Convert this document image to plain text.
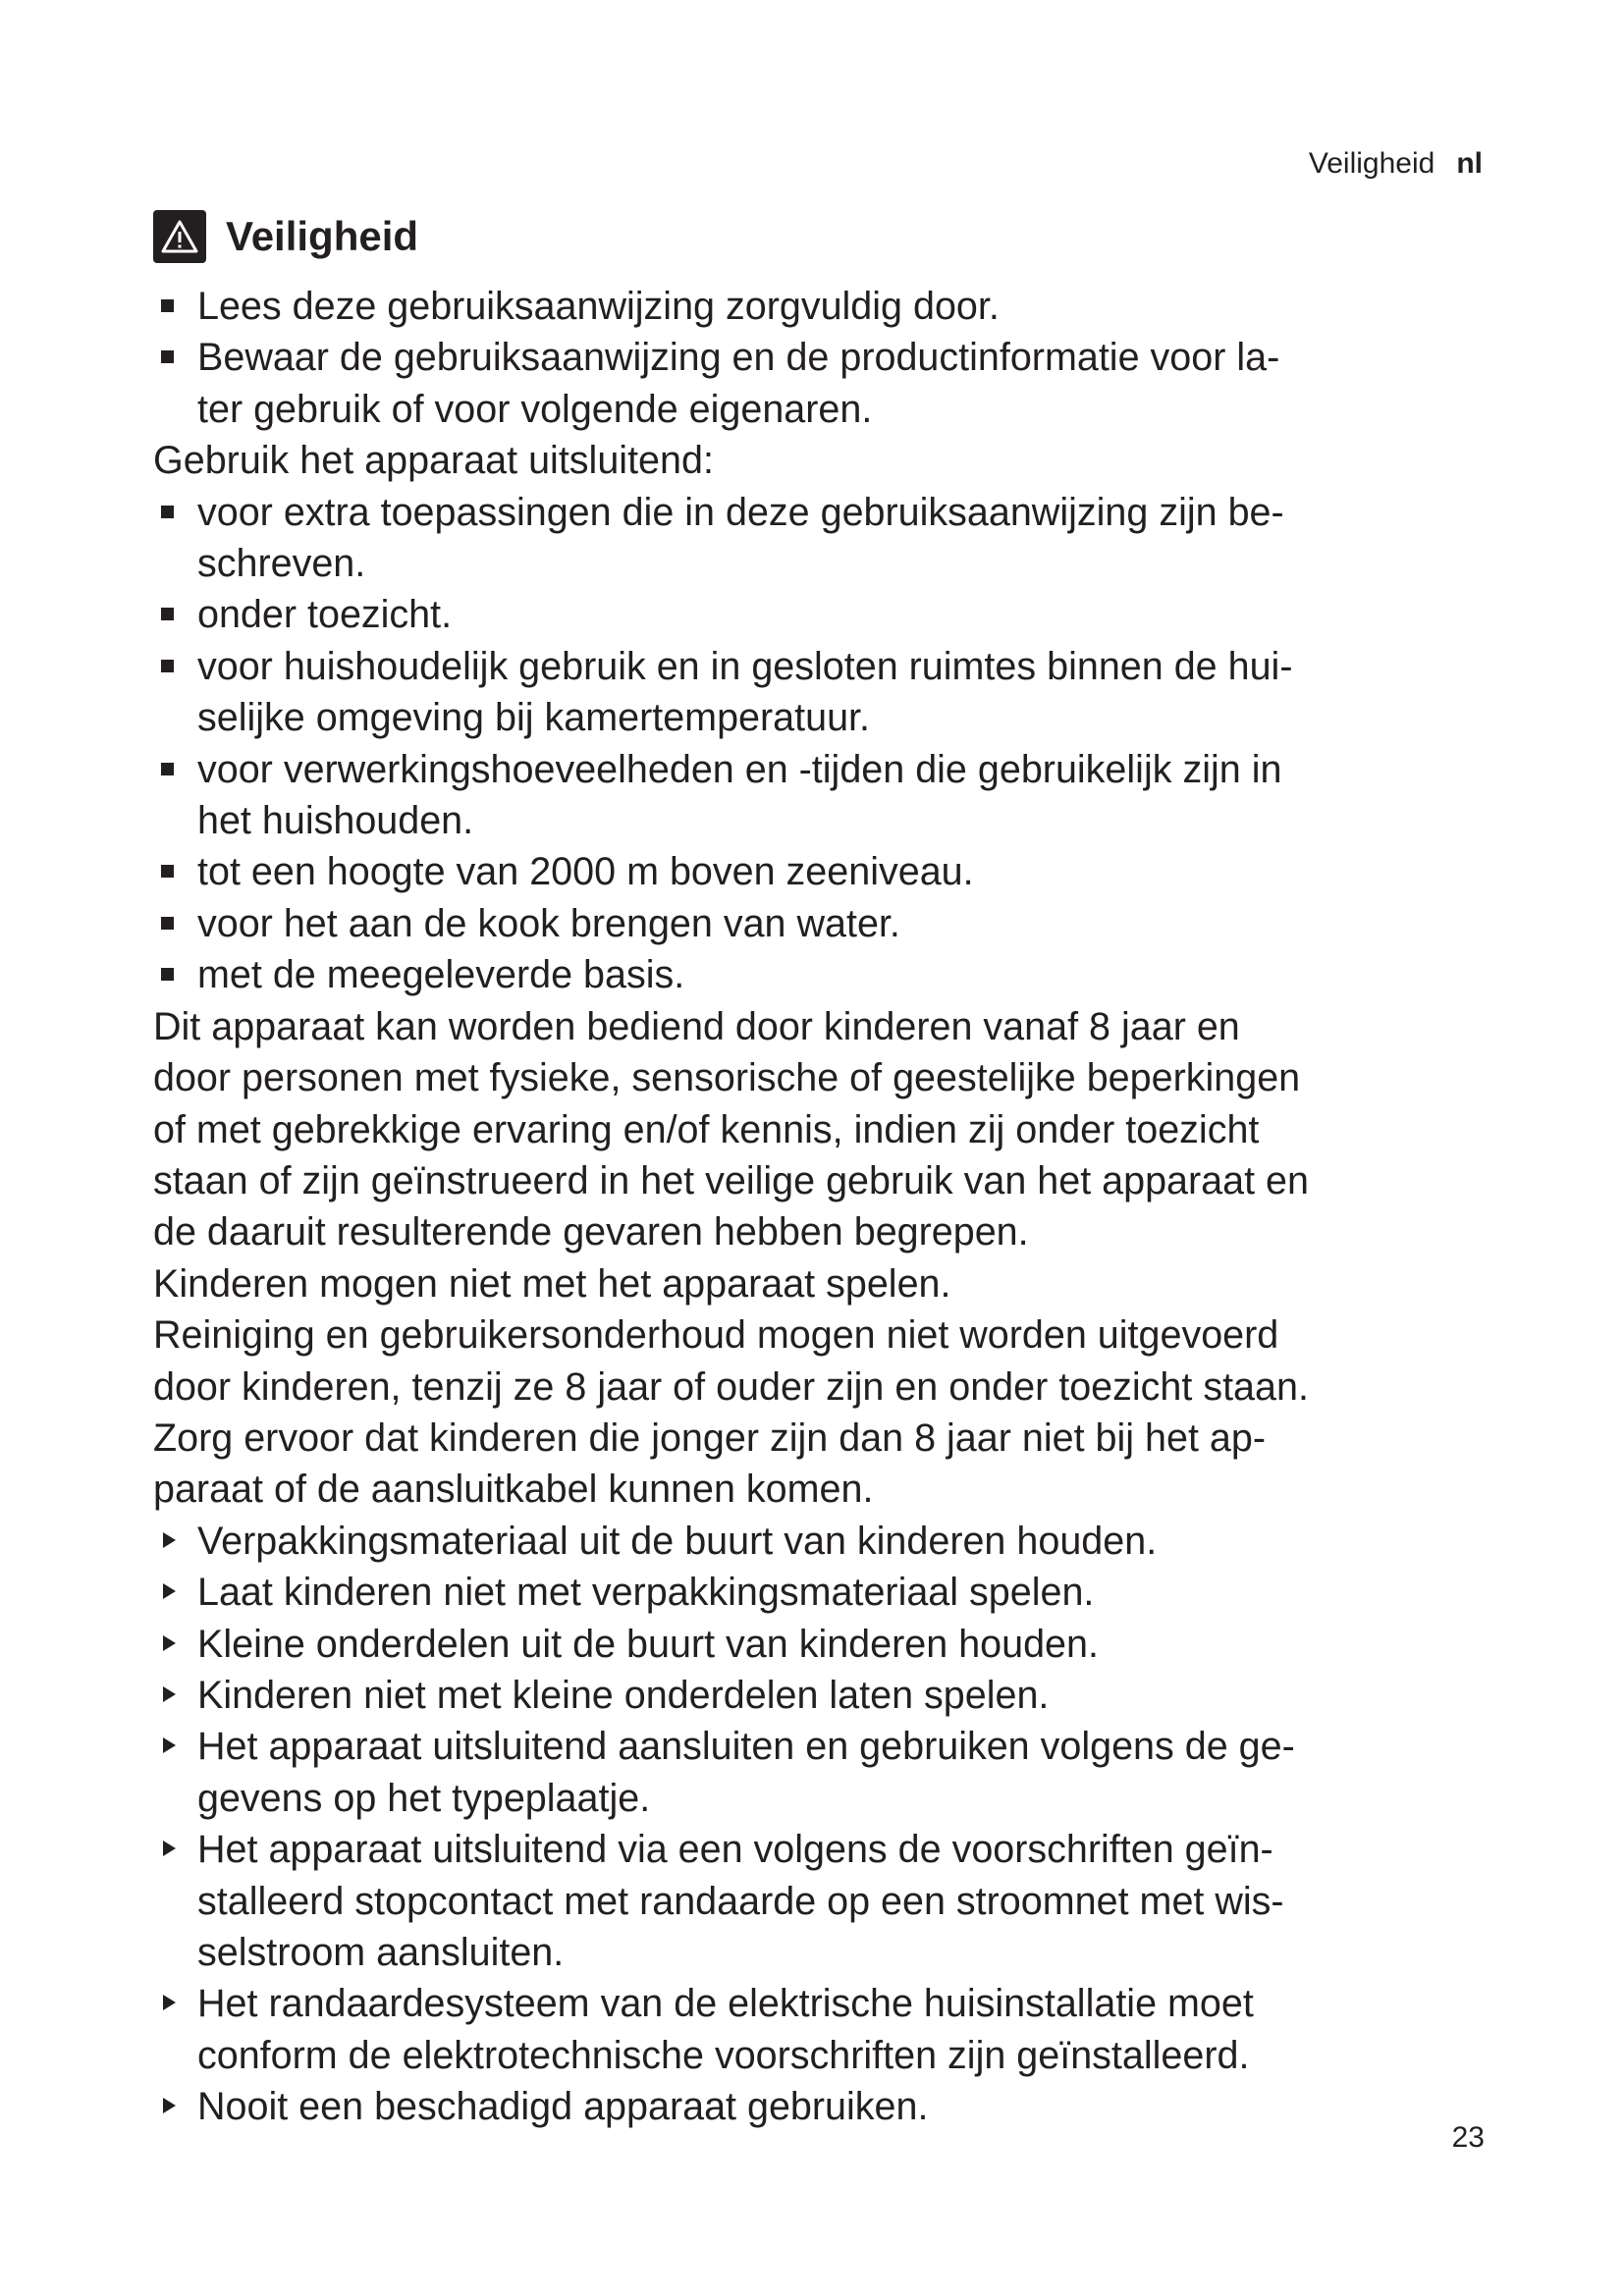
Veiligheid nl
Veiligheid
Lees deze gebruiksaanwijzing zorgvuldig door.
Bewaar de gebruiksaanwijzing en de productinformatie voor la-
ter gebruik of voor volgende eigenaren.

Gebruik het apparaat uitsluitend:

voor extra toepassingen die in deze gebruiksaanwijzing zijn be-
schreven.
onder toezicht.
voor huishoudelijk gebruik en in gesloten ruimtes binnen de hui-
selijke omgeving bij kamertemperatuur.
voor verwerkingshoeveelheden en -tijden die gebruikelijk zijn in
het huishouden.
tot een hoogte van 2000 m boven zeeniveau.
voor het aan de kook brengen van water.
met de meegeleverde basis.

Dit apparaat kan worden bediend door kinderen vanaf 8 jaar en
door personen met fysieke, sensorische of geestelijke beperkingen
of met gebrekkige ervaring en/of kennis, indien zij onder toezicht
staan of zijn geïnstrueerd in het veilige gebruik van het apparaat en
de daaruit resulterende gevaren hebben begrepen.

Kinderen mogen niet met het apparaat spelen.

Reiniging en gebruikersonderhoud mogen niet worden uitgevoerd
door kinderen, tenzij ze 8 jaar of ouder zijn en onder toezicht staan.
Zorg ervoor dat kinderen die jonger zijn dan 8 jaar niet bij het ap-
paraat of de aansluitkabel kunnen komen.

Verpakkingsmateriaal uit de buurt van kinderen houden.
Laat kinderen niet met verpakkingsmateriaal spelen.
Kleine onderdelen uit de buurt van kinderen houden.
Kinderen niet met kleine onderdelen laten spelen.
Het apparaat uitsluitend aansluiten en gebruiken volgens de ge-
gevens op het typeplaatje.
Het apparaat uitsluitend via een volgens de voorschriften geïn-
stalleerd stopcontact met randaarde op een stroomnet met wis-
selstroom aansluiten.
Het randaardesysteem van de elektrische huisinstallatie moet
conform de elektrotechnische voorschriften zijn geïnstalleerd.
Nooit een beschadigd apparaat gebruiken.
23
